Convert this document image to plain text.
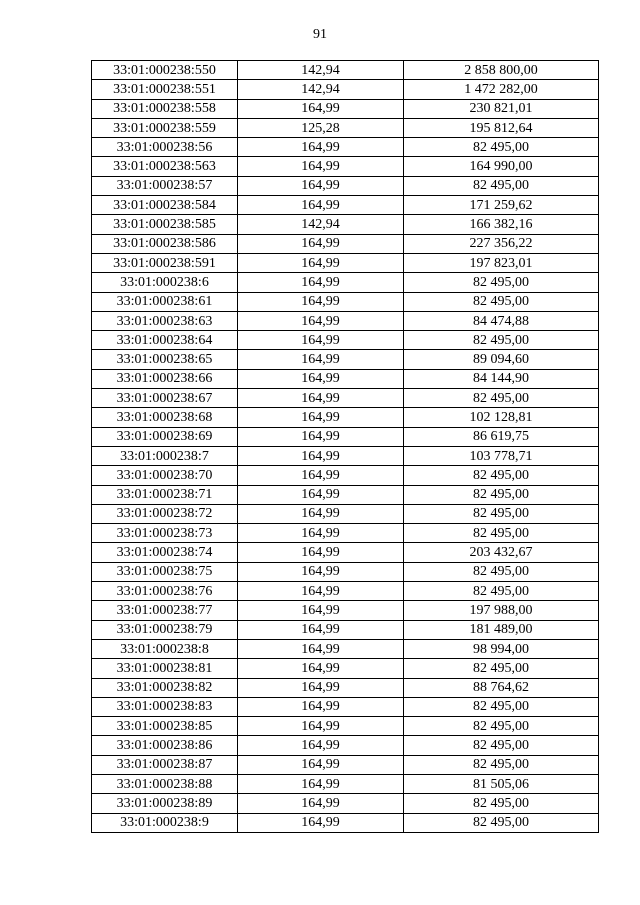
91
33:01:000238:550	142,94	2 858 800,00
33:01:000238:551	142,94	1 472 282,00
33:01:000238:558	164,99	230 821,01
33:01:000238:559	125,28	195 812,64
33:01:000238:56	164,99	82 495,00
33:01:000238:563	164,99	164 990,00
33:01:000238:57	164,99	82 495,00
33:01:000238:584	164,99	171 259,62
33:01:000238:585	142,94	166 382,16
33:01:000238:586	164,99	227 356,22
33:01:000238:591	164,99	197 823,01
33:01:000238:6	164,99	82 495,00
33:01:000238:61	164,99	82 495,00
33:01:000238:63	164,99	84 474,88
33:01:000238:64	164,99	82 495,00
33:01:000238:65	164,99	89 094,60
33:01:000238:66	164,99	84 144,90
33:01:000238:67	164,99	82 495,00
33:01:000238:68	164,99	102 128,81
33:01:000238:69	164,99	86 619,75
33:01:000238:7	164,99	103 778,71
33:01:000238:70	164,99	82 495,00
33:01:000238:71	164,99	82 495,00
33:01:000238:72	164,99	82 495,00
33:01:000238:73	164,99	82 495,00
33:01:000238:74	164,99	203 432,67
33:01:000238:75	164,99	82 495,00
33:01:000238:76	164,99	82 495,00
33:01:000238:77	164,99	197 988,00
33:01:000238:79	164,99	181 489,00
33:01:000238:8	164,99	98 994,00
33:01:000238:81	164,99	82 495,00
33:01:000238:82	164,99	88 764,62
33:01:000238:83	164,99	82 495,00
33:01:000238:85	164,99	82 495,00
33:01:000238:86	164,99	82 495,00
33:01:000238:87	164,99	82 495,00
33:01:000238:88	164,99	81 505,06
33:01:000238:89	164,99	82 495,00
33:01:000238:9	164,99	82 495,00
